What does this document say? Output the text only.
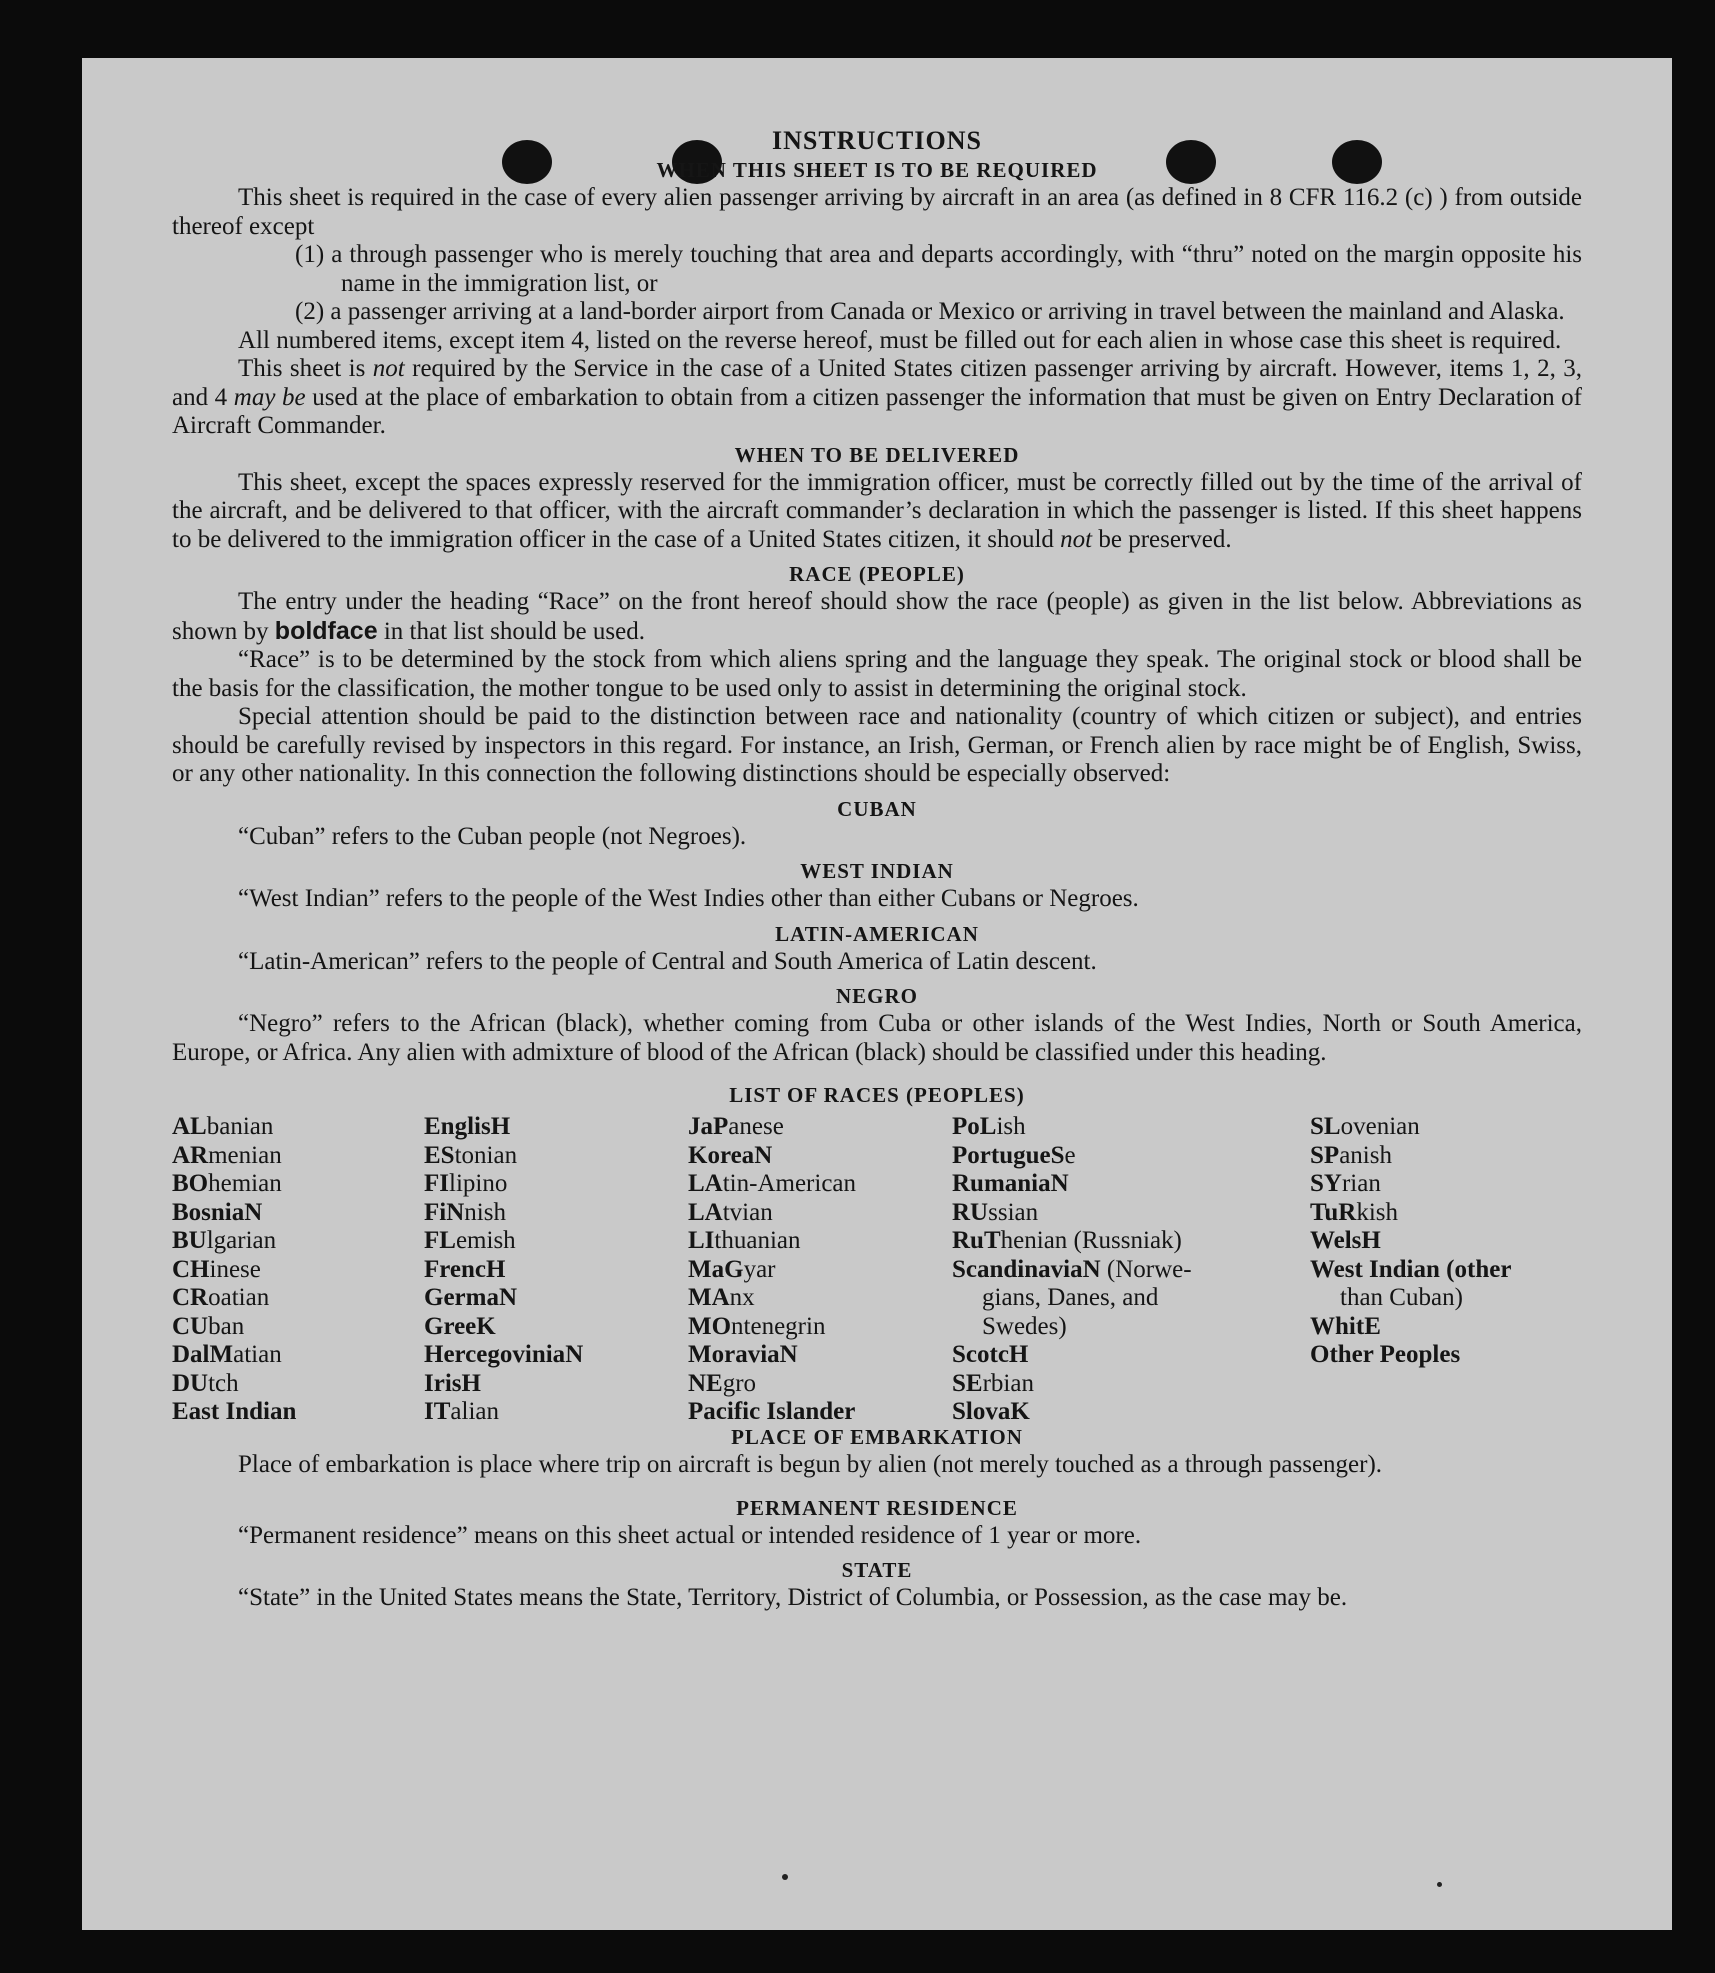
INSTRUCTIONS
WHEN THIS SHEET IS TO BE REQUIRED

This sheet is required in the case of every alien passenger arriving by aircraft in an area (as defined in 8 CFR 116.2 (c) ) from outside thereof except

(1) a through passenger who is merely touching that area and departs accordingly, with “thru” noted on the margin opposite his name in the immigration list, or
(2) a passenger arriving at a land-border airport from Canada or Mexico or arriving in travel between the mainland and Alaska.

All numbered items, except item 4, listed on the reverse hereof, must be filled out for each alien in whose case this sheet is required.

This sheet is not required by the Service in the case of a United States citizen passenger arriving by aircraft. However, items 1, 2, 3, and 4 may be used at the place of embarkation to obtain from a citizen passenger the information that must be given on Entry Declaration of Aircraft Commander.

WHEN TO BE DELIVERED

This sheet, except the spaces expressly reserved for the immigration officer, must be correctly filled out by the time of the arrival of the aircraft, and be delivered to that officer, with the aircraft commander’s declaration in which the passenger is listed. If this sheet happens to be delivered to the immigration officer in the case of a United States citizen, it should not be preserved.

RACE (PEOPLE)

The entry under the heading “Race” on the front hereof should show the race (people) as given in the list below. Abbreviations as shown by boldface in that list should be used.

“Race” is to be determined by the stock from which aliens spring and the language they speak. The original stock or blood shall be the basis for the classification, the mother tongue to be used only to assist in determining the original stock.

Special attention should be paid to the distinction between race and nationality (country of which citizen or subject), and entries should be carefully revised by inspectors in this regard. For instance, an Irish, German, or French alien by race might be of English, Swiss, or any other nationality. In this connection the following distinctions should be especially observed:

CUBAN
“Cuban” refers to the Cuban people (not Negroes).
WEST INDIAN
“West Indian” refers to the people of the West Indies other than either Cubans or Negroes.
LATIN-AMERICAN
“Latin-American” refers to the people of Central and South America of Latin descent.
NEGRO

“Negro” refers to the African (black), whether coming from Cuba or other islands of the West Indies, North or South America, Europe, or Africa. Any alien with admixture of blood of the African (black) should be classified under this heading.

LIST OF RACES (PEOPLES)
ALbanian
ARmenian
BOhemian
BosniaN
BUlgarian
CHinese
CRoatian
CUban
DalMatian
DUtch
East Indian
EnglisH
EStonian
FIlipino
FiNnish
FLemish
FrencH
GermaN
GreeK
HercegoviniaN
IrisH
ITalian
JaPanese
KoreaN
LAtin-American
LAtvian
LIthuanian
MaGyar
MAnx
MOntenegrin
MoraviaN
NEgro
Pacific Islander
PoLish
PortugueSe
RumaniaN
RUssian
RuThenian (Russniak)
ScandinaviaN (Norwe-
gians, Danes, and
Swedes)
ScotcH
SErbian
SlovaK
SLovenian
SPanish
SYrian
TuRkish
WelsH
West Indian (other
than Cuban)
WhitE
Other Peoples
PLACE OF EMBARKATION

Place of embarkation is place where trip on aircraft is begun by alien (not merely touched as a through passenger).

PERMANENT RESIDENCE
“Permanent residence” means on this sheet actual or intended residence of 1 year or more.
STATE

“State” in the United States means the State, Territory, District of Columbia, or Possession, as the case may be.
